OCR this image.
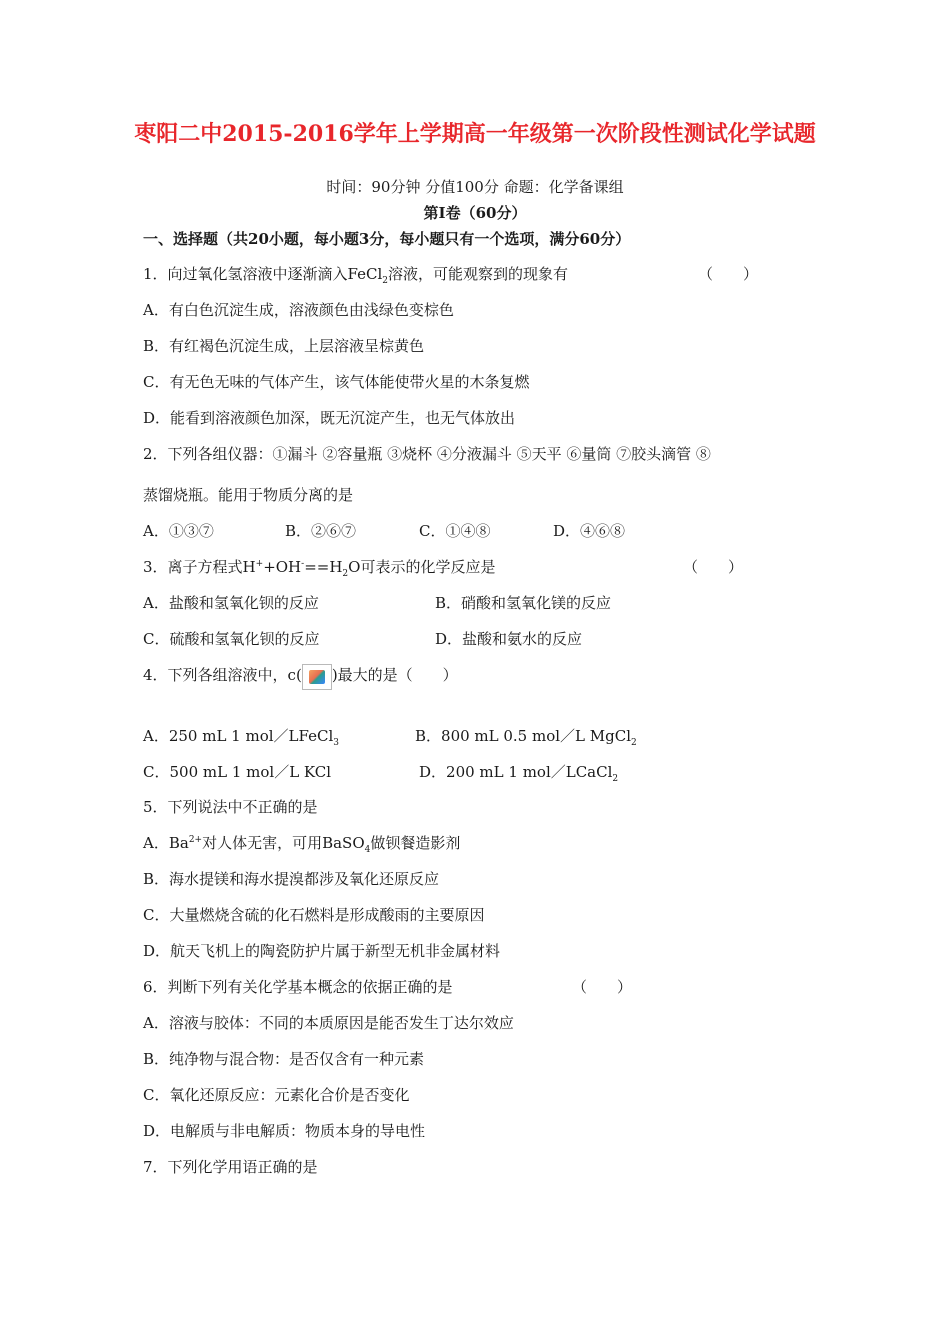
枣阳二中2015-2016学年上学期高一年级第一次阶段性测试化学试题
时间：90分钟 分值100分 命题：化学备课组
第Ⅰ卷（60分）
一、选择题（共20小题，每小题3分，每小题只有一个选项，满分60分）
1．向过氧化氢溶液中逐渐滴入FeCl$_2$溶液，可能观察到的现象有	（　　）
A．有白色沉淀生成，溶液颜色由浅绿色变棕色
B．有红褐色沉淀生成，上层溶液呈棕黄色
C．有无色无味的气体产生，该气体能使带火星的木条复燃
D．能看到溶液颜色加深，既无沉淀产生，也无气体放出
2．下列各组仪器：①漏斗 ②容量瓶 ③烧杯 ④分液漏斗 ⑤天平 ⑥量筒 ⑦胶头滴管 ⑧
蒸馏烧瓶。能用于物质分离的是
A．①③⑦	B．②⑥⑦	C．①④⑧	D．④⑥⑧
3．离子方程式$H^++OH^-==H_2O$可表示的化学反应是	（　　）
A．盐酸和氢氧化钡的反应	B．硝酸和氢氧化镁的反应
C．硫酸和氢氧化钡的反应	D．盐酸和氨水的反应
4．下列各组溶液中，c( )最大的是（　　）
A．250 mL 1 mol／LFeCl$_3$	B．800 mL 0.5 mol／L MgCl$_2$
C．500 mL 1 mol／L KCl	D．200 mL 1 mol／LCaCl$_2$
5．下列说法中不正确的是
A．$Ba^{2+}$对人体无害，可用BaSO$_4$做钡餐造影剂
B．海水提镁和海水提溴都涉及氧化还原反应
C．大量燃烧含硫的化石燃料是形成酸雨的主要原因
D．航天飞机上的陶瓷防护片属于新型无机非金属材料
6．判断下列有关化学基本概念的依据正确的是	（　　）
A．溶液与胶体：不同的本质原因是能否发生丁达尔效应
B．纯净物与混合物：是否仅含有一种元素
C．氧化还原反应：元素化合价是否变化
D．电解质与非电解质：物质本身的导电性
7．下列化学用语正确的是
